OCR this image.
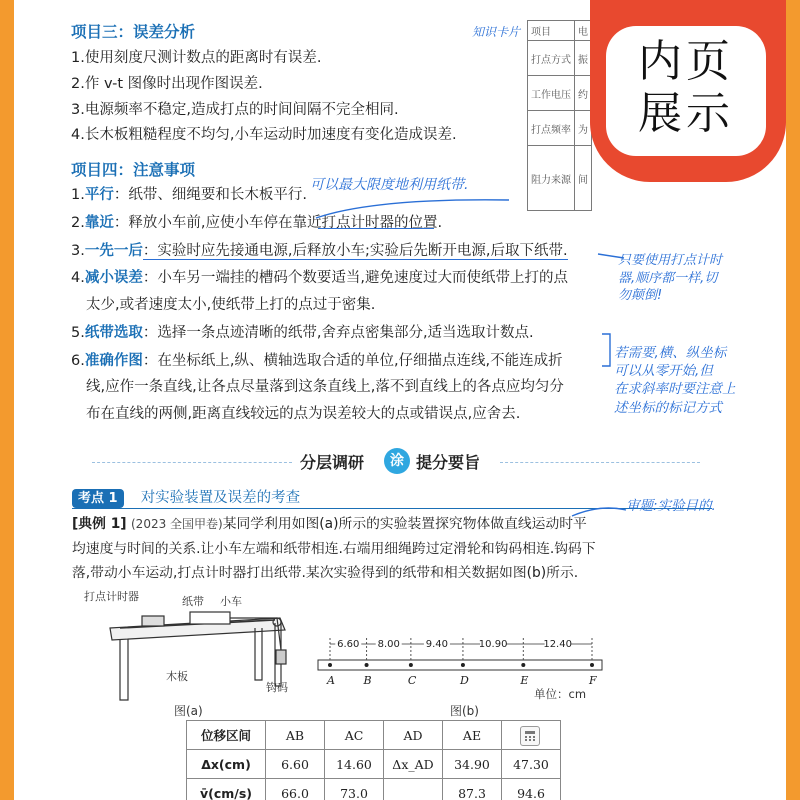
项目三：误差分析
1.使用刻度尺测计数点的距离时有误差.
2.作 v-t 图像时出现作图误差.
3.电源频率不稳定,造成打点的时间间隔不完全相同.
4.长木板粗糙程度不均匀,小车运动时加速度有变化造成误差.
项目四：注意事项
1.平行：纸带、细绳要和长木板平行.
2.靠近：释放小车前,应使小车停在靠近打点计时器的位置.
3.一先一后：实验时应先接通电源,后释放小车;实验后先断开电源,后取下纸带.
4.减小误差：小车另一端挂的槽码个数要适当,避免速度过大而使纸带上打的点
太少,或者速度太小,使纸带上打的点过于密集.
5.纸带选取：选择一条点迹清晰的纸带,舍弃点密集部分,适当选取计数点.
6.准确作图：在坐标纸上,纵、横轴选取合适的单位,仔细描点连线,不能连成折
线,应作一条直线,让各点尽量落到这条直线上,落不到直线上的各点应均匀分
布在直线的两侧,距离直线较远的点为误差较大的点或错误点,应舍去.
知识卡片 项目	电
打点方式	振
工作电压	约
打点频率	为
阻力来源	间
可以最大限度地利用纸带.
只要使用打点计时
器,顺序都一样,切
勿颠倒!
若需要,横、纵坐标
可以从零开始,但
在求斜率时要注意上
述坐标的标记方式
分层调研	涂 提分要旨
考点 1 对实验装置及误差的考查	审题:实验目的.
[典例 1] (2023 全国甲卷)某同学利用如图(a)所示的实验装置探究物体做直线运动时平
均速度与时间的关系.让小车左端和纸带相连.右端用细绳跨过定滑轮和钩码相连.钩码下
落,带动小车运动,打点计时器打出纸带.某次实验得到的纸带和相关数据如图(b)所示.
打点计时器	纸带 小车
木板
钩码
图(a)
A	B	C	D	E	F
6.60 8.00	9.40	10.90	12.40
单位：cm
图(b)
位移区间	AB	AC	AD	AE	
Δx(cm)	6.60	14.60	Δx_AD	34.90	47.30
v̄(cm/s)	66.0	73.0		87.3	94.6
内页
展示
